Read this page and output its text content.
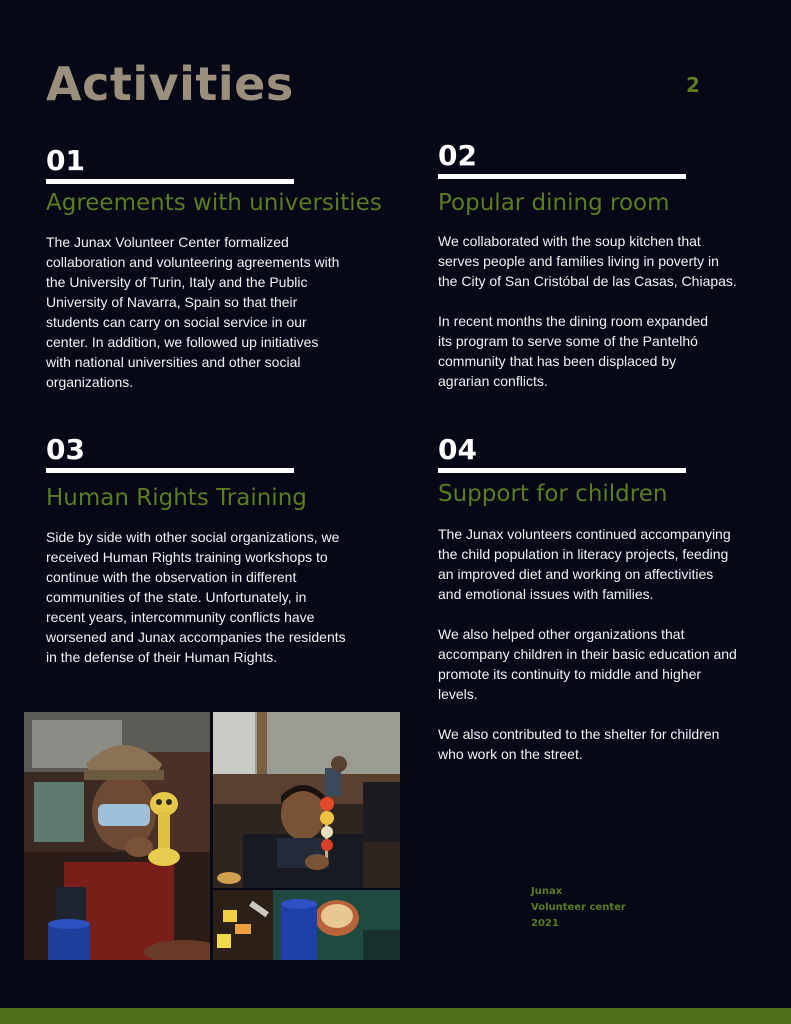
Activities	2
01
Agreements with universities

The Junax Volunteer Center formalized
collaboration and volunteering agreements with
the University of Turin, Italy and the Public
University of Navarra, Spain so that their
students can carry on social service in our
center. In addition, we followed up initiatives
with national universities and other social
organizations.

02
Popular dining room

We collaborated with the soup kitchen that
serves people and families living in poverty in
the City of San Cristóbal de las Casas, Chiapas.

In recent months the dining room expanded
its program to serve some of the Pantelhó
community that has been displaced by
agrarian conflicts.

03
Human Rights Training

Side by side with other social organizations, we
received Human Rights training workshops to
continue with the observation in different
communities of the state. Unfortunately, in
recent years, intercommunity conflicts have
worsened and Junax accompanies the residents
in the defense of their Human Rights.

04
Support for children

The Junax volunteers continued accompanying
the child population in literacy projects, feeding
an improved diet and working on affectivities
and emotional issues with families.

We also helped other organizations that
accompany children in their basic education and
promote its continuity to middle and higher
levels.

We also contributed to the shelter for children
who work on the street.

Junax
Volunteer center
2021
